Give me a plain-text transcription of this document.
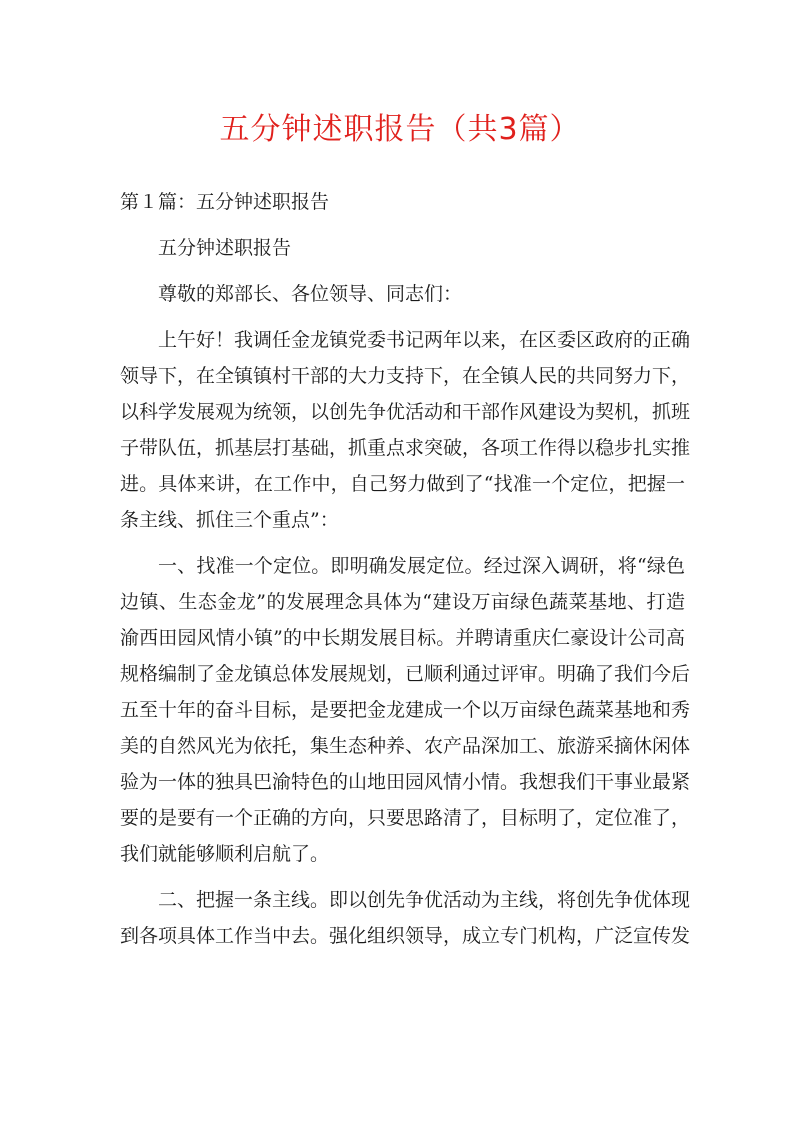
五分钟述职报告（共3篇）
第１篇：五分钟述职报告
五分钟述职报告
尊敬的郑部长、各位领导、同志们：
上午好！我调任金龙镇党委书记两年以来，在区委区政府的正确
领导下，在全镇镇村干部的大力支持下，在全镇人民的共同努力下，
以科学发展观为统领，以创先争优活动和干部作风建设为契机，抓班
子带队伍，抓基层打基础，抓重点求突破，各项工作得以稳步扎实推
进。具体来讲，在工作中，自己努力做到了“找准一个定位，把握一
条主线、抓住三个重点”：
一、找准一个定位。即明确发展定位。经过深入调研，将“绿色
边镇、生态金龙”的发展理念具体为“建设万亩绿色蔬菜基地、打造
渝西田园风情小镇”的中长期发展目标。并聘请重庆仁豪设计公司高
规格编制了金龙镇总体发展规划，已顺利通过评审。明确了我们今后
五至十年的奋斗目标，是要把金龙建成一个以万亩绿色蔬菜基地和秀
美的自然风光为依托，集生态种养、农产品深加工、旅游采摘休闲体
验为一体的独具巴渝特色的山地田园风情小情。我想我们干事业最紧
要的是要有一个正确的方向，只要思路清了，目标明了，定位准了，
我们就能够顺利启航了。
二、把握一条主线。即以创先争优活动为主线，将创先争优体现
到各项具体工作当中去。强化组织领导，成立专门机构，广泛宣传发
